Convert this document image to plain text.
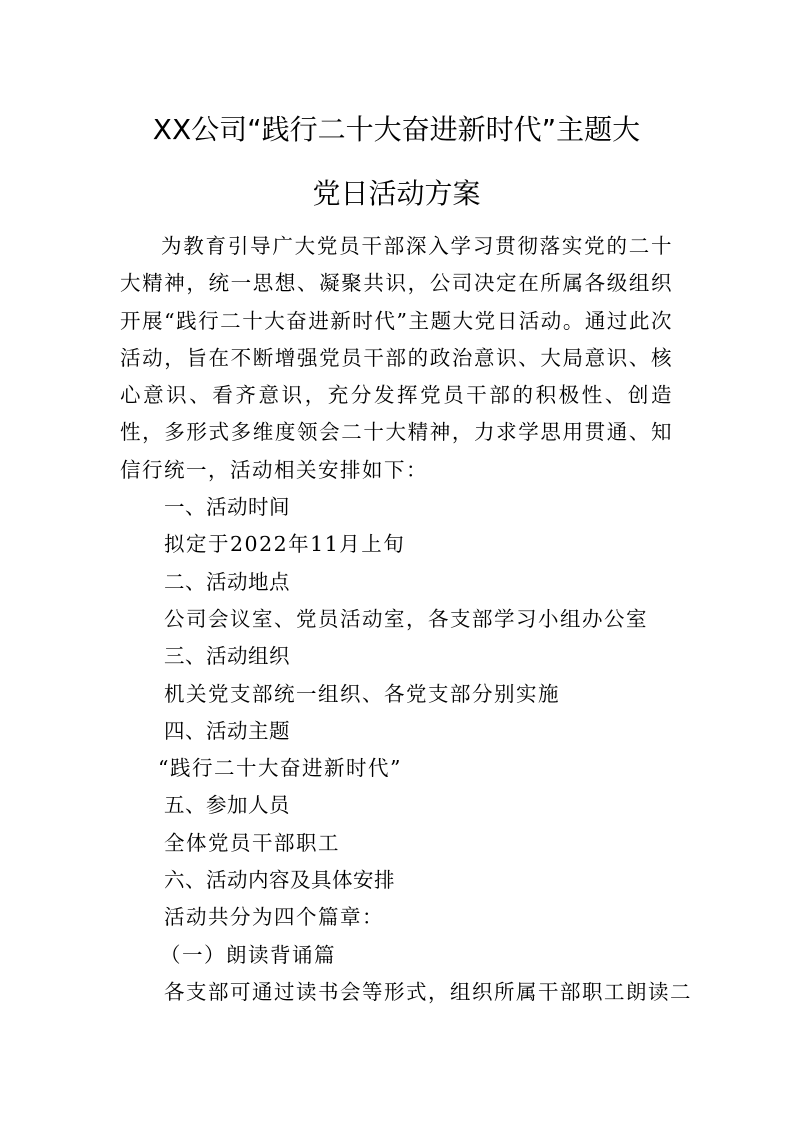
XX公司“践行二十大奋进新时代”主题大
党日活动方案

为教育引导广大党员干部深入学习贯彻落实党的二十大精神，统一思想、凝聚共识，公司决定在所属各级组织开展“践行二十大奋进新时代”主题大党日活动。通过此次活动，旨在不断增强党员干部的政治意识、大局意识、核心意识、看齐意识，充分发挥党员干部的积极性、创造性，多形式多维度领会二十大精神，力求学思用贯通、知信行统一，活动相关安排如下：

一、活动时间

拟定于2022年11月上旬

二、活动地点

公司会议室、党员活动室，各支部学习小组办公室

三、活动组织

机关党支部统一组织、各党支部分别实施

四、活动主题

“践行二十大奋进新时代”

五、参加人员

全体党员干部职工

六、活动内容及具体安排

活动共分为四个篇章：

（一）朗读背诵篇

各支部可通过读书会等形式，组织所属干部职工朗读二
